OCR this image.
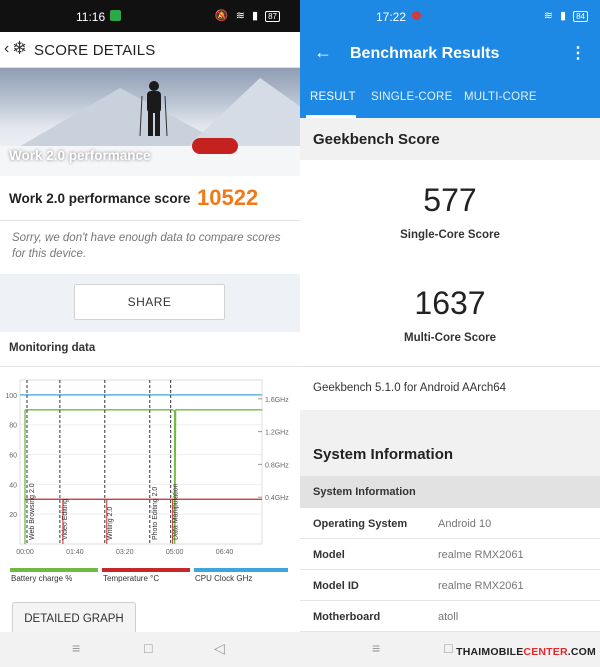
11:16	🔕 ≋ ▮ 87
‹ ❄ SCORE DETAILS
Work 2.0 performance
Work 2.0 performance score 10522

Sorry, we don't have enough data to compare scores for this device.

SHARE
Monitoring data
100
80
60
40
20
1.6GHz
1.2GHz
0.8GHz
0.4GHz
00:00	01:40	03:20	05:00	06:40
Web Browsing 2.0	Video Editing	Writing 2.0	Photo Editing 2.0 Data Manipulation
Battery charge %	Temperature °C	CPU Clock GHz
DETAILED GRAPH
≡	□	◁
17:22	≋ ▮ 84
← Benchmark Results	⋮
RESULT SINGLE-CORE MULTI-CORE
Geekbench Score
577
Single-Core Score
1637
Multi-Core Score
Geekbench 5.1.0 for Android AArch64
System Information
System Information
Operating System	Android 10
Model	realme RMX2061
Model ID	realme RMX2061
Motherboard	atoll
≡	□ THAIMOBILECENTER.COM
